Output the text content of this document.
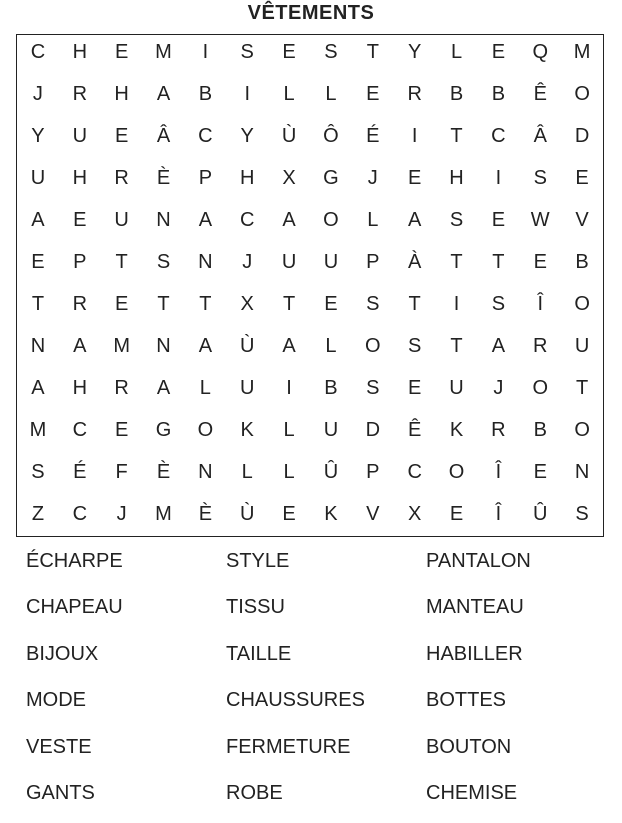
VÊTEMENTS
C	H	E	M	I	S	E	S	T	Y	L	E	Q	M
J	R	H	A	B	I	L	L	E	R	B	B	Ê	O
Y	U	E	Â	C	Y	Ù	Ô	É	I	T	C	Â	D
U	H	R	È	P	H	X	G	J	E	H	I	S	E
A	E	U	N	A	C	A	O	L	A	S	E	W	V
E	P	T	S	N	J	U	U	P	À	T	T	E	B
T	R	E	T	T	X	T	E	S	T	I	S	Î	O
N	A	M	N	A	Ù	A	L	O	S	T	A	R	U
A	H	R	A	L	U	I	B	S	E	U	J	O	T
M	C	E	G	O	K	L	U	D	Ê	K	R	B	O
S	É	F	È	N	L	L	Û	P	C	O	Î	E	N
Z	C	J	M	È	Ù	E	K	V	X	E	Î	Û	S
ÉCHARPE	STYLE	PANTALON
CHAPEAU	TISSU	MANTEAU
BIJOUX	TAILLE	HABILLER
MODE	CHAUSSURES	BOTTES
VESTE	FERMETURE	BOUTON
GANTS	ROBE	CHEMISE
